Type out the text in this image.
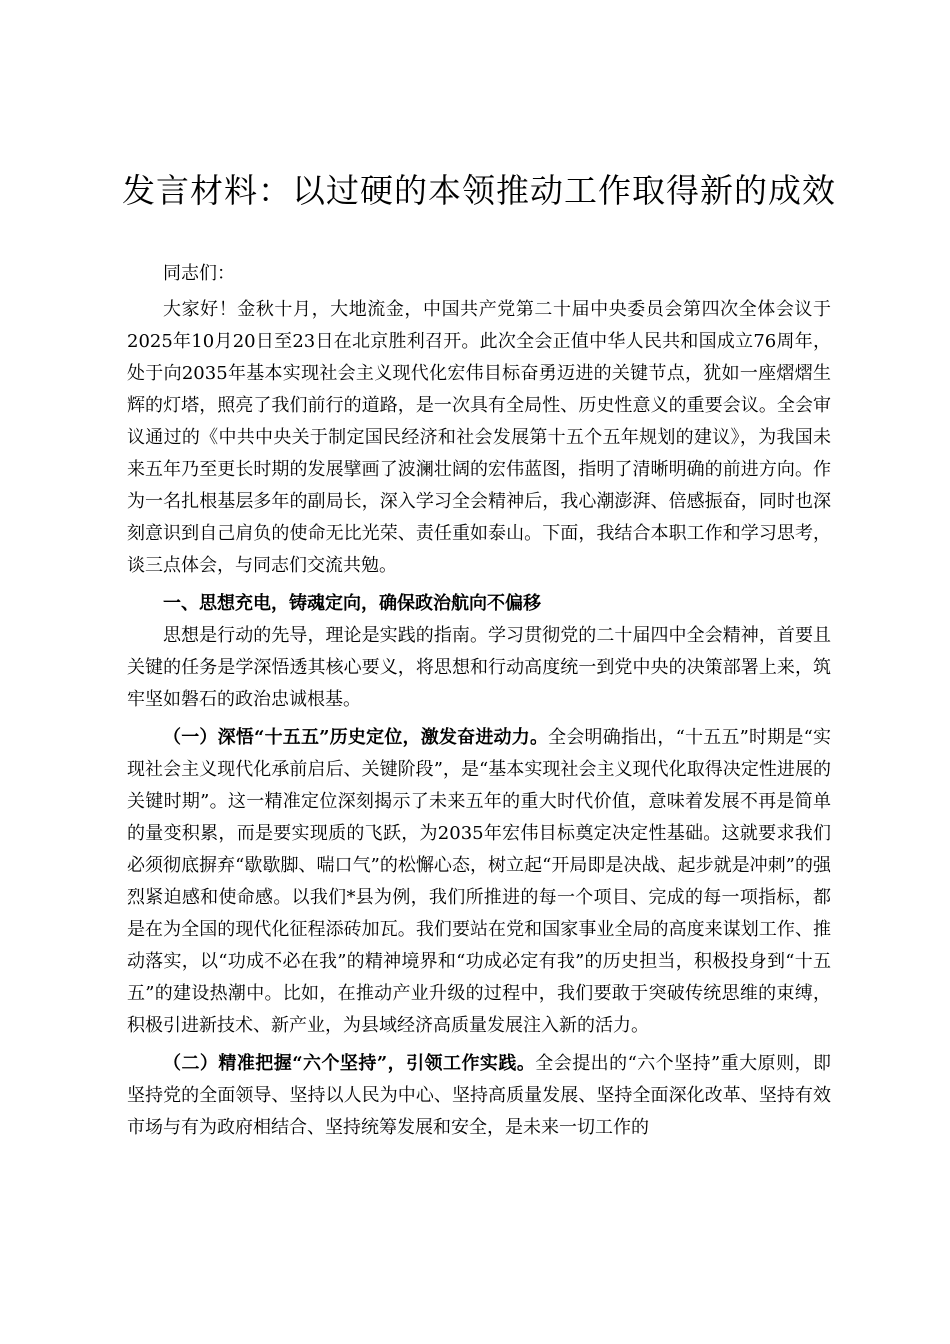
发言材料：以过硬的本领推动工作取得新的成效

同志们：

大家好！金秋十月，大地流金，中国共产党第二十届中央委员会第四次全体会议于2025年10月20日至23日在北京胜利召开。此次全会正值中华人民共和国成立76周年，处于向2035年基本实现社会主义现代化宏伟目标奋勇迈进的关键节点，犹如一座熠熠生辉的灯塔，照亮了我们前行的道路，是一次具有全局性、历史性意义的重要会议。全会审议通过的《中共中央关于制定国民经济和社会发展第十五个五年规划的建议》，为我国未来五年乃至更长时期的发展擘画了波澜壮阔的宏伟蓝图，指明了清晰明确的前进方向。作为一名扎根基层多年的副局长，深入学习全会精神后，我心潮澎湃、倍感振奋，同时也深刻意识到自己肩负的使命无比光荣、责任重如泰山。下面，我结合本职工作和学习思考，谈三点体会，与同志们交流共勉。

一、思想充电，铸魂定向，确保政治航向不偏移

思想是行动的先导，理论是实践的指南。学习贯彻党的二十届四中全会精神，首要且关键的任务是学深悟透其核心要义，将思想和行动高度统一到党中央的决策部署上来，筑牢坚如磐石的政治忠诚根基。

（一）深悟“十五五”历史定位，激发奋进动力。全会明确指出，“十五五”时期是“实现社会主义现代化承前启后、关键阶段”，是“基本实现社会主义现代化取得决定性进展的关键时期”。这一精准定位深刻揭示了未来五年的重大时代价值，意味着发展不再是简单的量变积累，而是要实现质的飞跃，为2035年宏伟目标奠定决定性基础。这就要求我们必须彻底摒弃“歇歇脚、喘口气”的松懈心态，树立起“开局即是决战、起步就是冲刺”的强烈紧迫感和使命感。以我们*县为例，我们所推进的每一个项目、完成的每一项指标，都是在为全国的现代化征程添砖加瓦。我们要站在党和国家事业全局的高度来谋划工作、推动落实，以“功成不必在我”的精神境界和“功成必定有我”的历史担当，积极投身到“十五五”的建设热潮中。比如，在推动产业升级的过程中，我们要敢于突破传统思维的束缚，积极引进新技术、新产业，为县域经济高质量发展注入新的活力。

（二）精准把握“六个坚持”，引领工作实践。全会提出的“六个坚持”重大原则，即坚持党的全面领导、坚持以人民为中心、坚持高质量发展、坚持全面深化改革、坚持有效市场与有为政府相结合、坚持统筹发展和安全，是未来一切工作的
